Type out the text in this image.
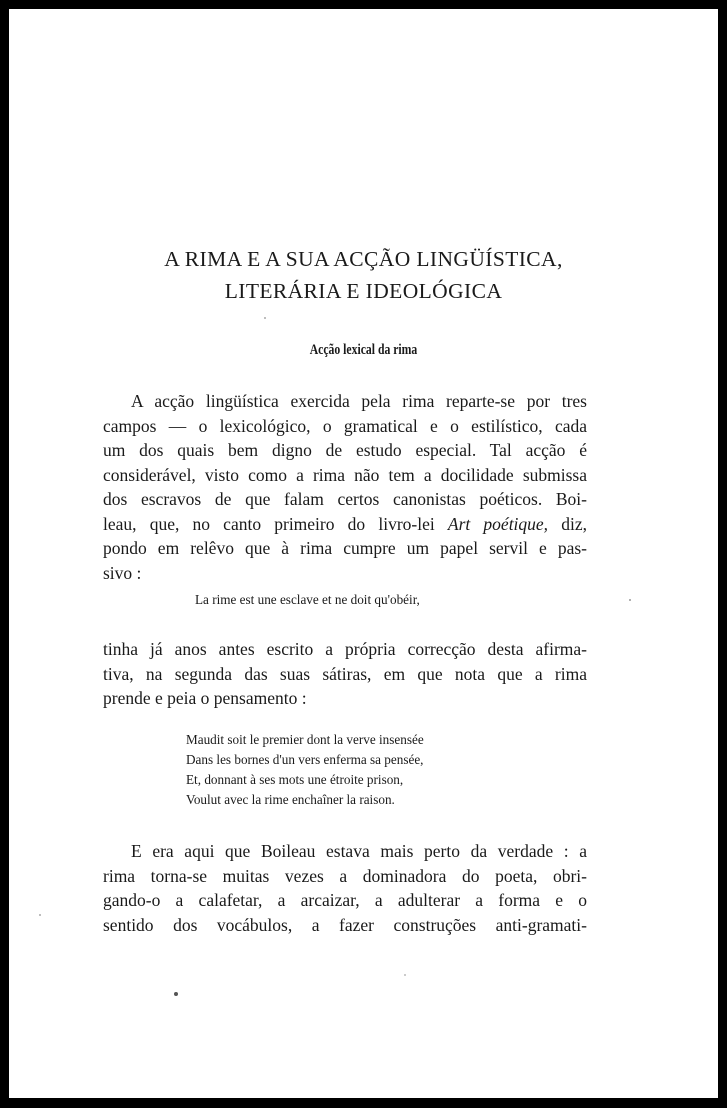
A RIMA E A SUA ACÇÃO LINGÜÍSTICA,
LITERÁRIA E IDEOLÓGICA
Acção lexical da rima
A acção lingüística exercida pela rima reparte-se por tres
campos — o lexicológico, o gramatical e o estilístico, cada
um dos quais bem digno de estudo especial. Tal acção é
considerável, visto como a rima não tem a docilidade submissa
dos escravos de que falam certos canonistas poéticos. Boi-
leau, que, no canto primeiro do livro-lei Art poétique, diz,
pondo em relêvo que à rima cumpre um papel servil e pas-
sivo :
La rime est une esclave et ne doit qu'obéir,
tinha já anos antes escrito a própria correcção desta afirma-
tiva, na segunda das suas sátiras, em que nota que a rima
prende e peia o pensamento :
Maudit soit le premier dont la verve insensée
Dans les bornes d'un vers enferma sa pensée,
Et, donnant à ses mots une étroite prison,
Voulut avec la rime enchaîner la raison.
E era aqui que Boileau estava mais perto da verdade : a
rima torna-se muitas vezes a dominadora do poeta, obri-
gando-o a calafetar, a arcaizar, a adulterar a forma e o
sentido dos vocábulos, a fazer construções anti-gramati-
